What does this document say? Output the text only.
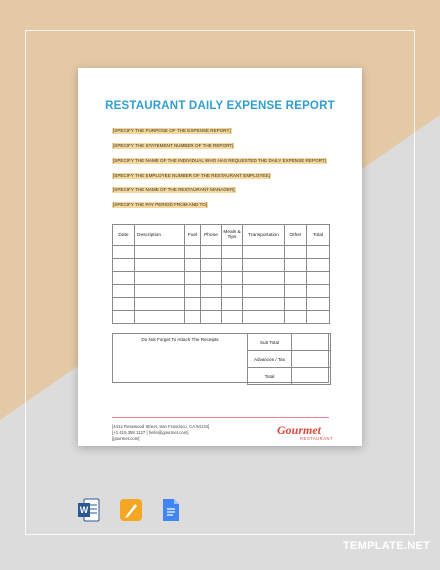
RESTAURANT DAILY EXPENSE REPORT
[SPECIFY THE PURPOSE OF THE EXPENSE REPORT]
[SPECIFY THE STATEMENT NUMBER OF THE REPORT]
[SPECIFY THE NAME OF THE INDIVIDUAL WHO HAS REQUESTED THE DAILY EXPENSE REPORT]
[SPECIFY THE EMPLOYEE NUMBER OF THE RESTAURANT EMPLOYEE]
[SPECIFY THE NAME OF THE RESTAURANT MANAGER]
[SPECIFY THE PAY PERIOD FROM AND TO]
Date	Description	Fuel	Phone	Meals & Tips	Transportation	Other	Total

Do Not Forget To Attach The Receipts
Sub Total	
Advances / Tax	
Total	
[4412 Rosewood Street, San Francisco, CA 94134]
[+1 415 358 1127 | hello@gourmet.com]
[gourmet.com]
Gourmet
RESTAURANT
W
TEMPLATE.NET
